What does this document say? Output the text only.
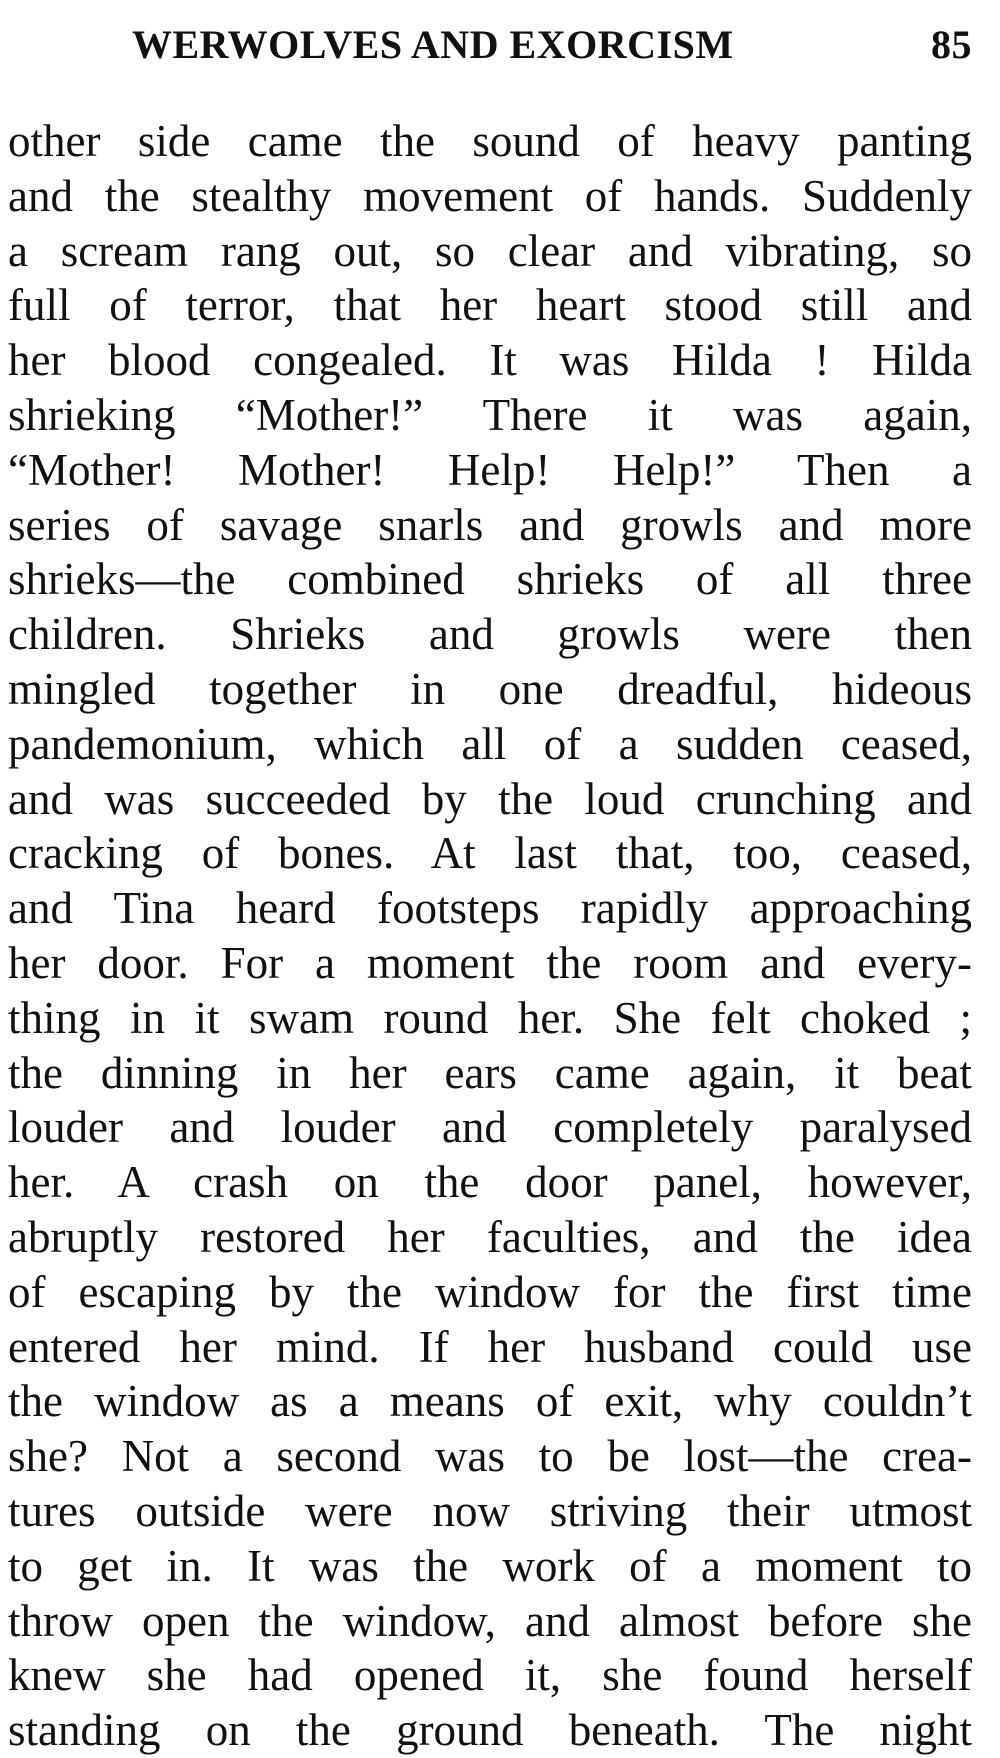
WERWOLVES AND EXORCISM	85
other side came the sound of heavy panting
and the stealthy movement of hands. Suddenly
a scream rang out, so clear and vibrating, so
full of terror, that her heart stood still and
her blood congealed. It was Hilda ! Hilda
shrieking “Mother!” There it was again,
“Mother! Mother! Help! Help!” Then a
series of savage snarls and growls and more
shrieks—the combined shrieks of all three
children. Shrieks and growls were then
mingled together in one dreadful, hideous
pandemonium, which all of a sudden ceased,
and was succeeded by the loud crunching and
cracking of bones. At last that, too, ceased,
and Tina heard footsteps rapidly approaching
her door. For a moment the room and every-
thing in it swam round her. She felt choked ;
the dinning in her ears came again, it beat
louder and louder and completely paralysed
her. A crash on the door panel, however,
abruptly restored her faculties, and the idea
of escaping by the window for the first time
entered her mind. If her husband could use
the window as a means of exit, why couldn’t
she? Not a second was to be lost—the crea-
tures outside were now striving their utmost
to get in. It was the work of a moment to
throw open the window, and almost before she
knew she had opened it, she found herself
standing on the ground beneath. The night
